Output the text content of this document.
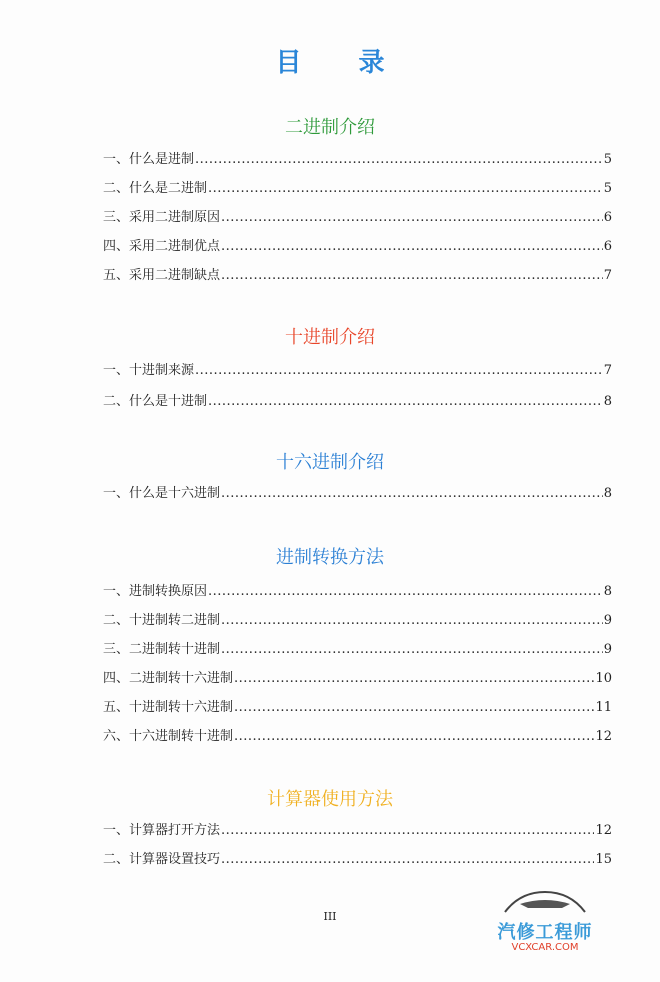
目 录
二进制介绍
一、什么是进制 .....	5
二、什么是二进制 .....	5
三、采用二进制原因 .....	6
四、采用二进制优点 .....	6
五、采用二进制缺点 .....	7
十进制介绍
一、十进制来源 .....	7
二、什么是十进制 .....	8
十六进制介绍
一、什么是十六进制 .....	8
进制转换方法
一、进制转换原因 .....	8
二、十进制转二进制 .....	9
三、二进制转十进制 .....	9
四、二进制转十六进制 .....	10
五、十进制转十六进制 .....	11
六、十六进制转十进制 .....	12
计算器使用方法
一、计算器打开方法 .....	12
二、计算器设置技巧 .....	15
III
汽修工程师
VCXCAR.COM
